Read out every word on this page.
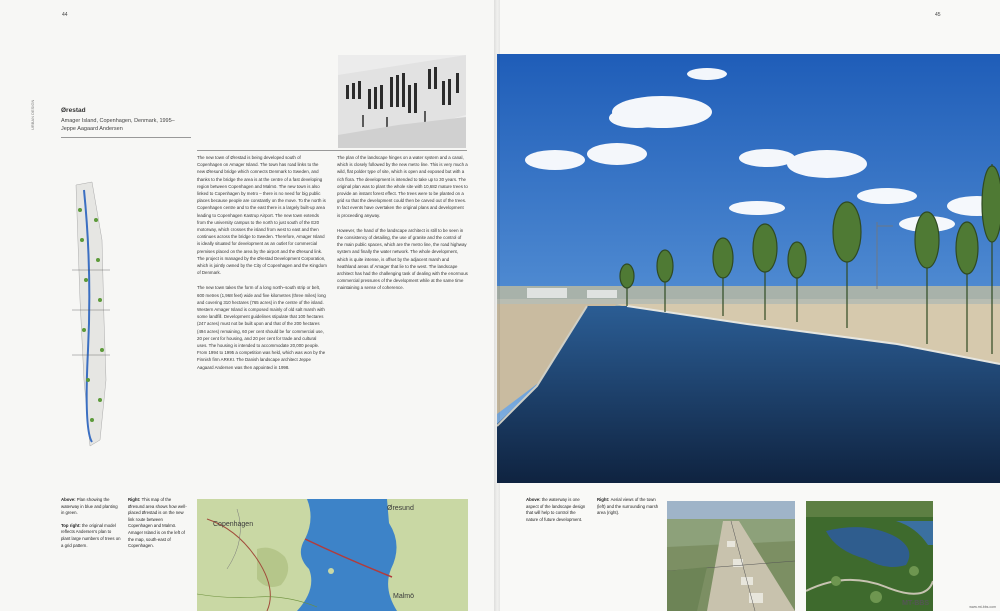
44
URBAN DESIGN	Ørestad
Amager Island, Copenhagen, Denmark, 1995–
Jeppe Aagaard Andersen

The new town of Ørestad is being developed south of Copenhagen on Amager Island. The town has road links to the new Øresund bridge which connects Denmark to Sweden, and thanks to the bridge the area is at the centre of a fast developing region between Copenhagen and Malmö. The new town is also linked to Copenhagen by metro – there is no need for big public places because people are constantly on the move. To the north is Copenhagen centre and to the east there is a largely built-up area leading to Copenhagen Kastrup Airport. The new town extends from the university campus to the north to just south of the E20 motorway, which crosses the island from west to east and then continues across the bridge to Sweden. Therefore, Amager Island is ideally situated for development as an outlet for commercial premises placed on the area by the airport and the Øresund link. The project is managed by the Ørestad Development Corporation, which is jointly owned by the City of Copenhagen and the Kingdom of Denmark.

The new town takes the form of a long north–south strip or belt, 600 metres (1,968 feet) wide and five kilometres (three miles) long and covering 310 hectares (765 acres) in the centre of the island. Western Amager Island is composed mainly of old salt marsh with some landfill. Development guidelines stipulate that 100 hectares (247 acres) must not be built upon and that of the 200 hectares (494 acres) remaining, 60 per cent should be for commercial use, 20 per cent for housing, and 20 per cent for trade and cultural uses. The housing is intended to accommodate 20,000 people. From 1994 to 1995 a competition was held, which was won by the Finnish firm ARKKI. The Danish landscape architect Jeppe Aagaard Andersen was then appointed in 1998.

The plan of the landscape hinges on a water system and a canal, which is closely followed by the new metro line. This is very much a wild, flat polder type of site, which is open and exposed but with a rich flora. The development is intended to take up to 30 years. The original plan was to plant the whole site with 10,682 mature trees to provide an instant forest effect. The trees were to be planted on a grid so that the development could then be carved out of the trees. In fact events have overtaken the original plans and development is proceeding anyway.

However, the hand of the landscape architect is still to be seen in the consistency of detailing, the use of granite and the control of the main public spaces, which are the metro line, the road highway system and finally the water network. The whole development, which is quite intense, is offset by the adjacent marsh and heathland areas of Amager that lie to the west. The landscape architect has had the challenging task of dealing with the enormous commercial pressures of the development while at the same time maintaining a sense of coherence.

Above: Plan showing the waterway in blue and planting in green.
Top right: the original model reflects Andersen's plan to plant large numbers of trees on a grid pattern.
Right: This map of the Øresund area shows how well-placed Ørestad is on the new link route between Copenhagen and Malmö. Amager Island is on the left of the map, south-east of Copenhagen.
Copenhagen
Øresund
Malmö
45
Above: the waterway is one aspect of the landscape design that will help to control the nature of future development.
Right: Aerial views of the town (left) and the surrounding marsh area (right).
MT-BBS	www.mt-bbs.com
